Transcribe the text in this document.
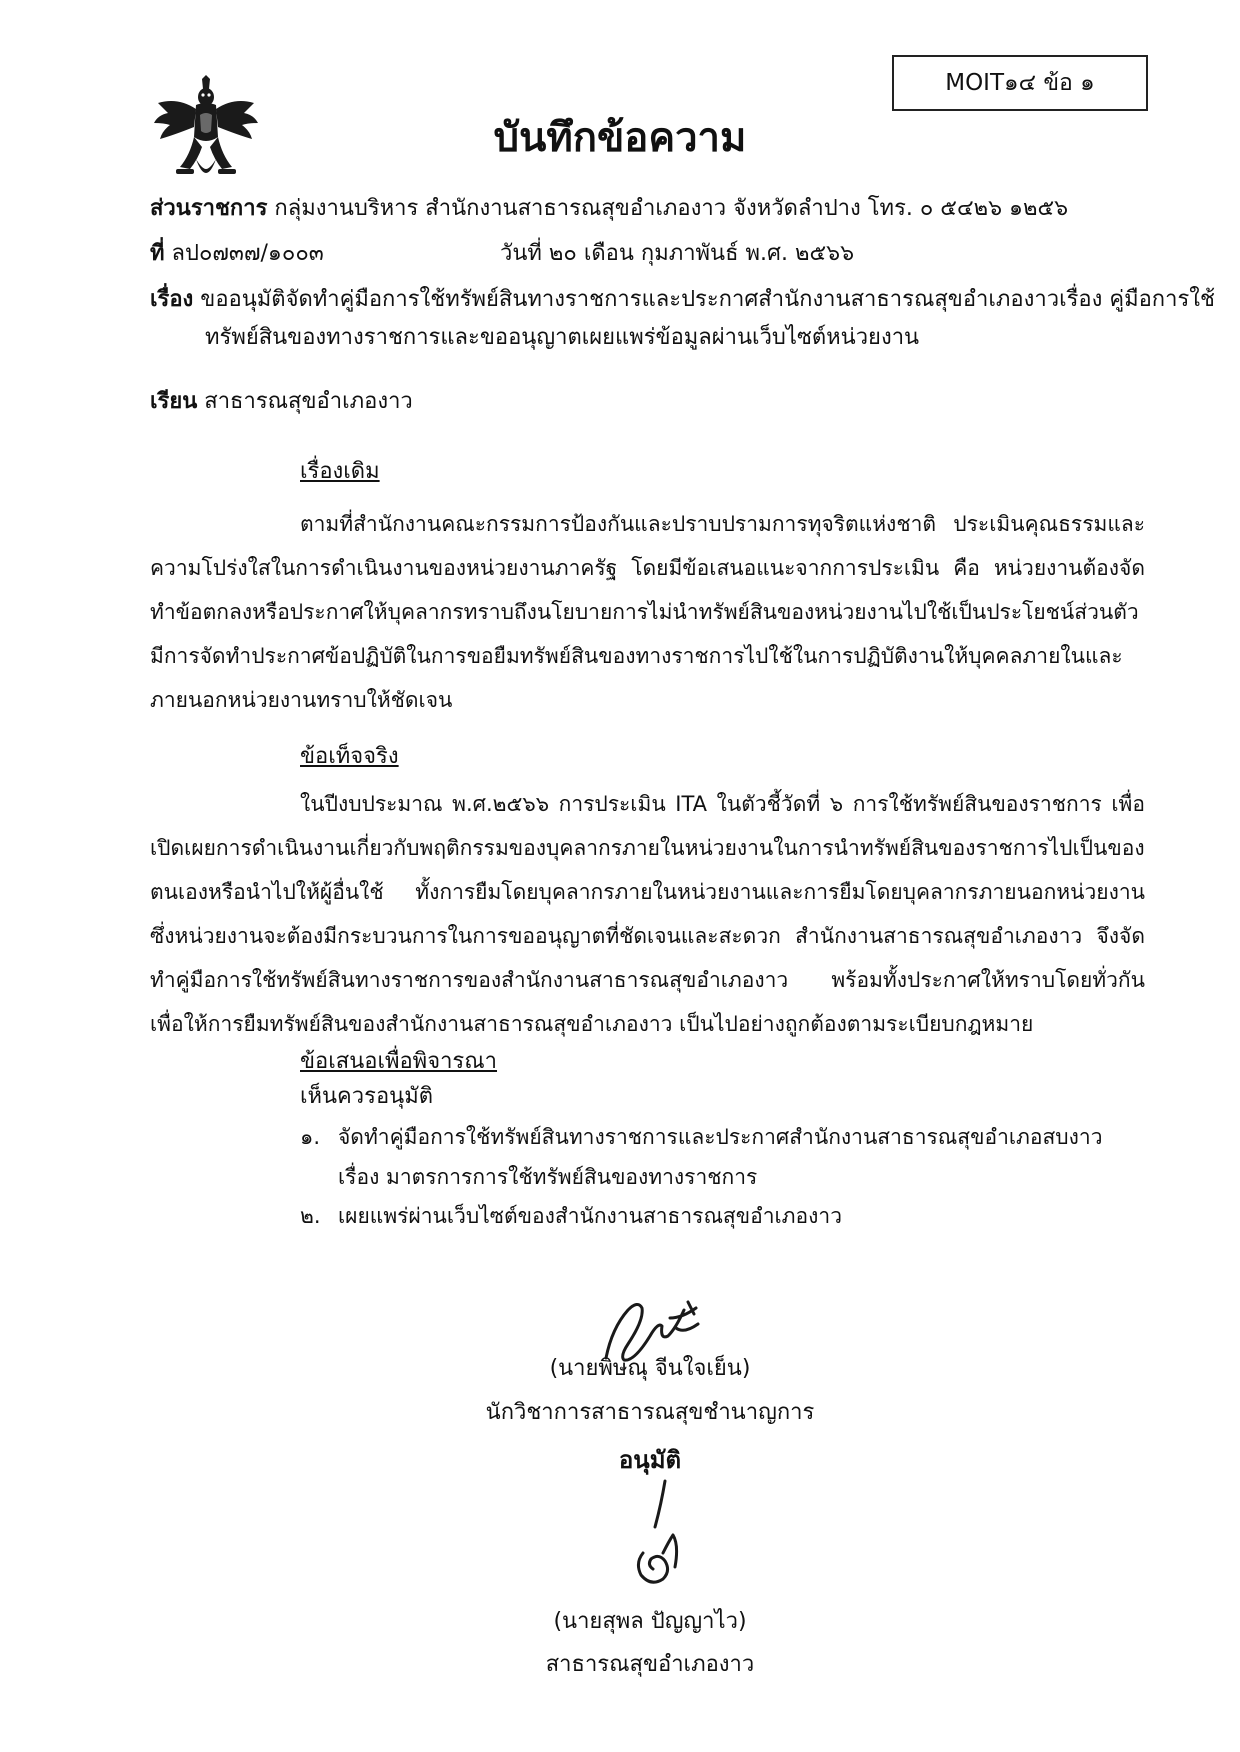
MOIT๑๔ ข้อ ๑
บันทึกข้อความ
ส่วนราชการ กลุ่มงานบริหาร สำนักงานสาธารณสุขอำเภองาว จังหวัดลำปาง โทร. ๐ ๕๔๒๖ ๑๒๕๖
ที่ ลป๐๗๓๗/๑๐๐๓	วันที่ ๒๐ เดือน กุมภาพันธ์ พ.ศ. ๒๕๖๖
เรื่อง ขออนุมัติจัดทำคู่มือการใช้ทรัพย์สินทางราชการและประกาศสำนักงานสาธารณสุขอำเภองาวเรื่อง คู่มือการใช้
ทรัพย์สินของทางราชการและขออนุญาตเผยแพร่ข้อมูลผ่านเว็บไซต์หน่วยงาน
เรียน สาธารณสุขอำเภองาว
เรื่องเดิม
ตามที่สำนักงานคณะกรรมการป้องกันและปราบปรามการทุจริตแห่งชาติ ประเมินคุณธรรมและความโปร่งใสในการดำเนินงานของหน่วยงานภาครัฐ โดยมีข้อเสนอแนะจากการประเมิน คือ หน่วยงานต้องจัดทำข้อตกลงหรือประกาศให้บุคลากรทราบถึงนโยบายการไม่นำทรัพย์สินของหน่วยงานไปใช้เป็นประโยชน์ส่วนตัว มีการจัดทำประกาศข้อปฏิบัติในการขอยืมทรัพย์สินของทางราชการไปใช้ในการปฏิบัติงานให้บุคคลภายในและภายนอกหน่วยงานทราบให้ชัดเจน
ข้อเท็จจริง
ในปีงบประมาณ พ.ศ.๒๕๖๖ การประเมิน ITA ในตัวชี้วัดที่ ๖ การใช้ทรัพย์สินของราชการ เพื่อเปิดเผยการดำเนินงานเกี่ยวกับพฤติกรรมของบุคลากรภายในหน่วยงานในการนำทรัพย์สินของราชการไปเป็นของตนเองหรือนำไปให้ผู้อื่นใช้ ทั้งการยืมโดยบุคลากรภายในหน่วยงานและการยืมโดยบุคลากรภายนอกหน่วยงาน ซึ่งหน่วยงานจะต้องมีกระบวนการในการขออนุญาตที่ชัดเจนและสะดวก สำนักงานสาธารณสุขอำเภองาว จึงจัดทำคู่มือการใช้ทรัพย์สินทางราชการของสำนักงานสาธารณสุขอำเภองาว พร้อมทั้งประกาศให้ทราบโดยทั่วกัน เพื่อให้การยืมทรัพย์สินของสำนักงานสาธารณสุขอำเภองาว เป็นไปอย่างถูกต้องตามระเบียบกฎหมาย
ข้อเสนอเพื่อพิจารณา
เห็นควรอนุมัติ
๑. จัดทำคู่มือการใช้ทรัพย์สินทางราชการและประกาศสำนักงานสาธารณสุขอำเภอสบงาว เรื่อง มาตรการการใช้ทรัพย์สินของทางราชการ
๒. เผยแพร่ผ่านเว็บไซต์ของสำนักงานสาธารณสุขอำเภองาว
(นายพิษณุ จีนใจเย็น)
นักวิชาการสาธารณสุขชำนาญการ
อนุมัติ
(นายสุพล ปัญญาไว)
สาธารณสุขอำเภองาว
